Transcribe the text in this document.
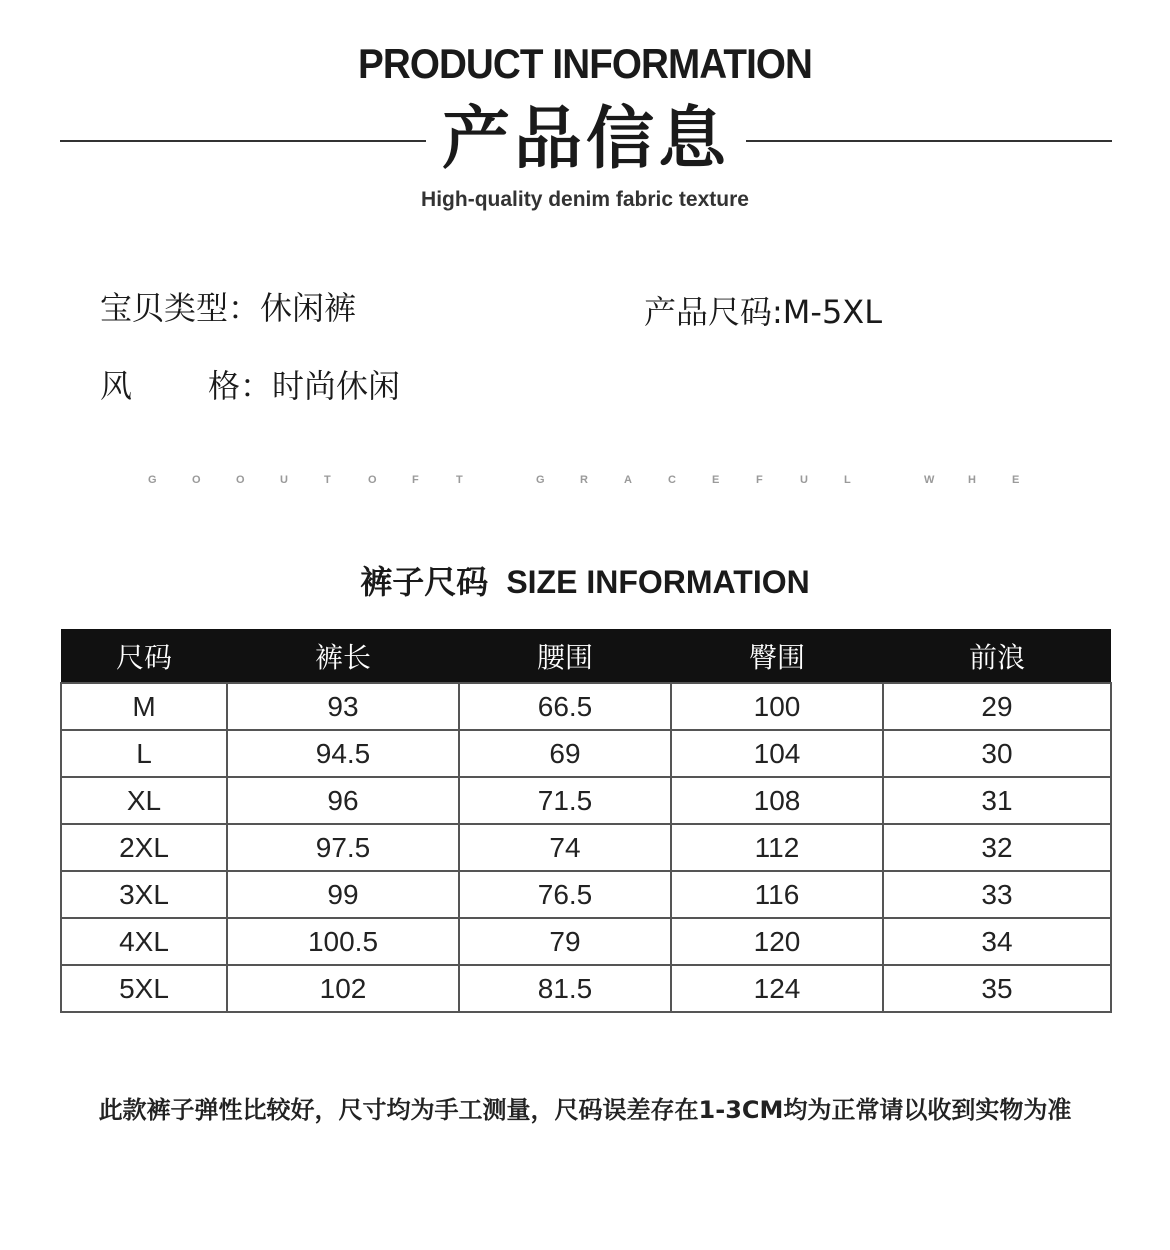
PRODUCT INFORMATION
产品信息
High-quality denim fabric texture
宝贝类型：休闲裤	产品尺码:M-5XL
风 格：时尚休闲
G	O	O	U	T	O	F	T	G	R	A	C	E	F	U	L	W	H	E
裤子尺码 SIZE INFORMATION
尺码	裤长	腰围	臀围	前浪
M	93	66.5	100	29
L	94.5	69	104	30
XL	96	71.5	108	31
2XL	97.5	74	112	32
3XL	99	76.5	116	33
4XL	100.5	79	120	34
5XL	102	81.5	124	35
此款裤子弹性比较好，尺寸均为手工测量，尺码误差存在1-3CM均为正常请以收到实物为准
